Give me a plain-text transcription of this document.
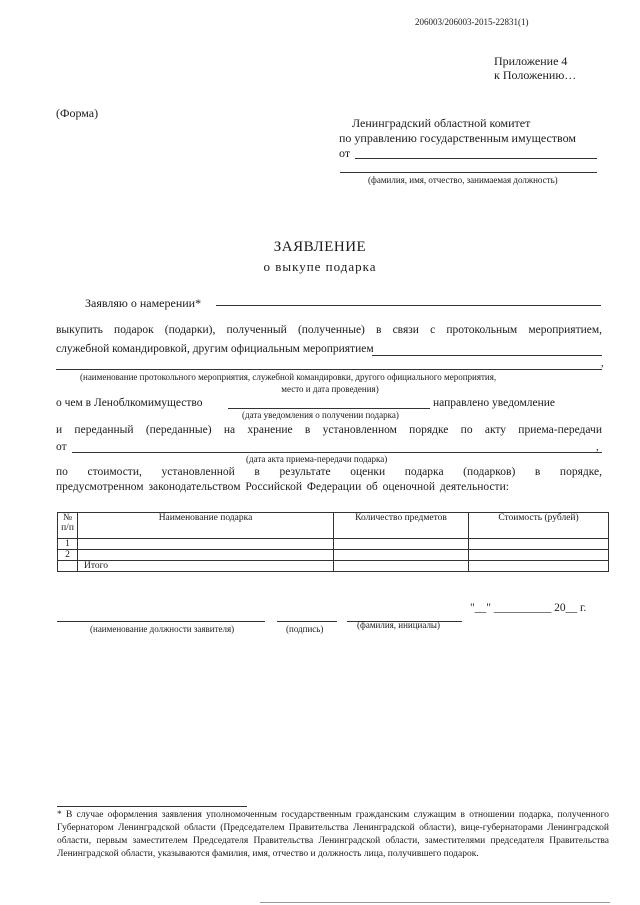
206003/206003-2015-22831(1)
Приложение 4
к Положению…
(Форма)
Ленинградский областной комитет
по управлению государственным имуществом
от
(фамилия, имя, отчество, занимаемая должность)
ЗАЯВЛЕНИЕ
о выкупе подарка
Заявляю о намерении*
выкупить подарок (подарки), полученный (полученные) в связи с протокольным мероприятием,
служебной командировкой, другим официальным мероприятием
,
(наименование протокольного мероприятия, служебной командировки, другого официального мероприятия,
место и дата проведения)
о чем в Леноблкомимущество	направлено уведомление
(дата уведомления о получении подарка)
и переданный (переданные) на хранение в установленном порядке по акту приема-передачи
от	,
(дата акта приема-передачи подарка)
по стоимости, установленной в результате оценки подарка (подарков) в порядке,
предусмотренном законодательством Российской Федерации об оценочной деятельности:
№ п/п	Наименование подарка	Количество предметов	Стоимость (рублей)
1			
2			
	Итого		
"__" __________ 20__ г.
(наименование должности заявителя)	(подпись)	(фамилия, инициалы)
* В случае оформления заявления уполномоченным государственным гражданским служащим в отношении подарка, полученного Губернатором Ленинградской области (Председателем Правительства Ленинградской области), вице-губернаторами Ленинградской области, первым заместителем Председателя Правительства Ленинградской области, заместителями председателя Правительства Ленинградской области, указываются фамилия, имя, отчество и должность лица, получившего подарок.
